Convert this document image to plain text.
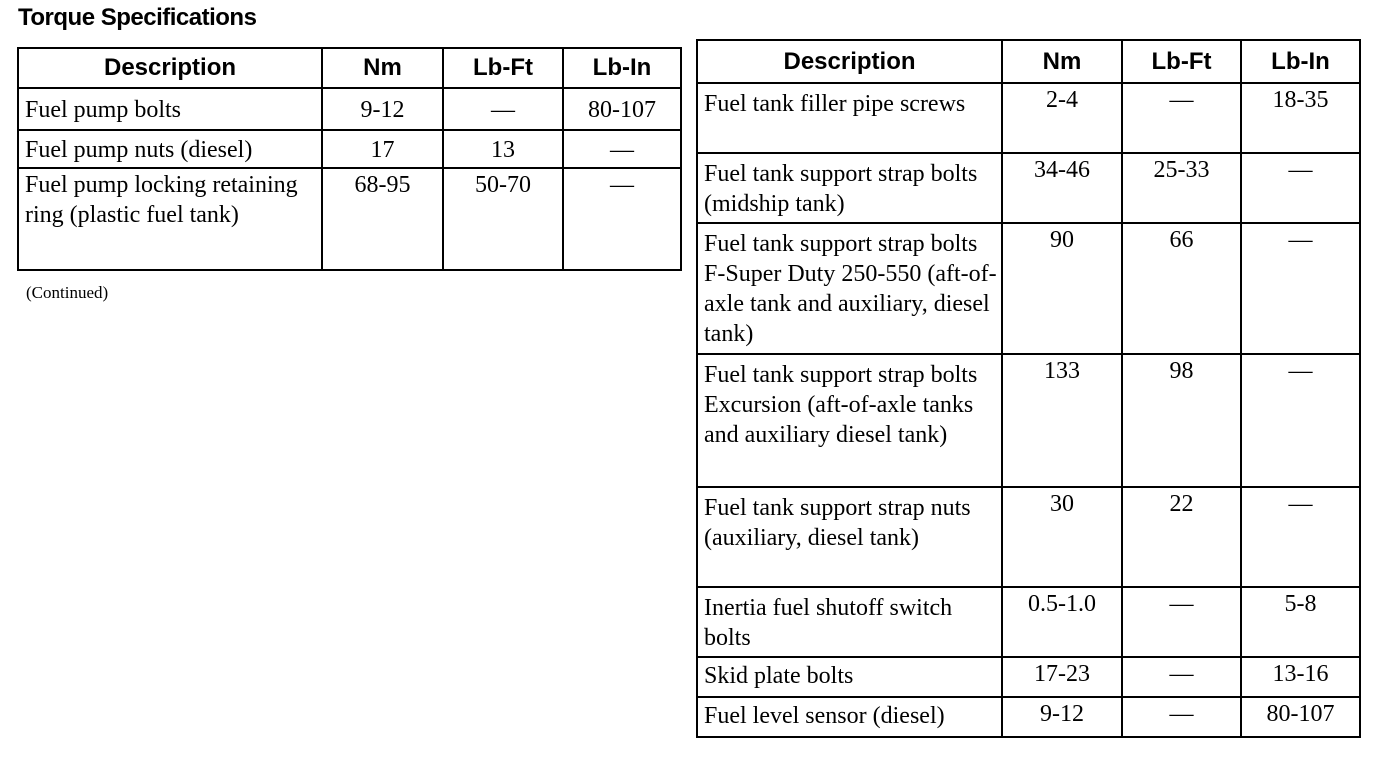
Torque Specifications
Description	Nm	Lb-Ft	Lb-In
Fuel pump bolts	9-12	—	80-107
Fuel pump nuts (diesel)	17	13	—
Fuel pump locking retaining ring (plastic fuel tank)	68-95	50-70	—
(Continued)
Description	Nm	Lb-Ft	Lb-In
Fuel tank filler pipe screws	2-4	—	18-35
Fuel tank support strap bolts (midship tank)	34-46	25-33	—
Fuel tank support strap bolts F-Super Duty 250-550 (aft-of-axle tank and auxiliary, diesel tank)	90	66	—
Fuel tank support strap bolts Excursion (aft-of-axle tanks and auxiliary diesel tank)	133	98	—
Fuel tank support strap nuts (auxiliary, diesel tank)	30	22	—
Inertia fuel shutoff switch bolts	0.5-1.0	—	5-8
Skid plate bolts	17-23	—	13-16
Fuel level sensor (diesel)	9-12	—	80-107
